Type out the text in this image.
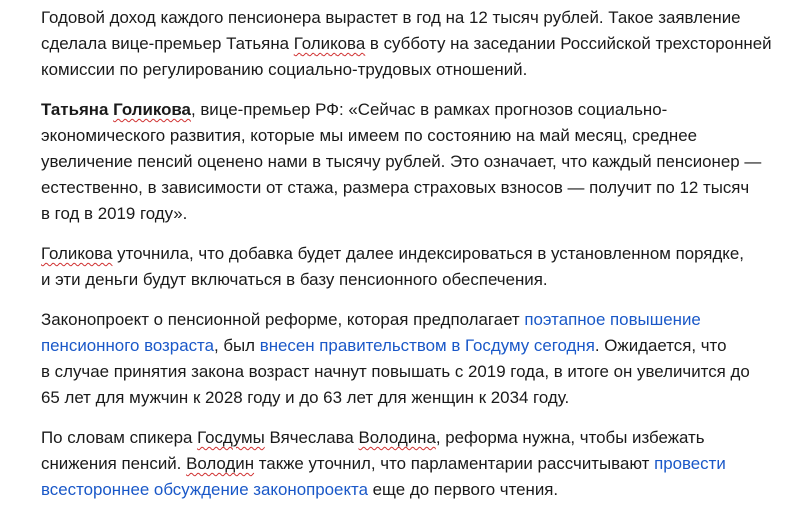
Годовой доход каждого пенсионера вырастет в год на 12 тысяч рублей. Такое заявление
сделала вице-премьер Татьяна Голикова в субботу на заседании Российской трехсторонней
комиссии по регулированию социально-трудовых отношений.

Татьяна Голикова, вице-премьер РФ: «Сейчас в рамках прогнозов социально-
экономического развития, которые мы имеем по состоянию на май месяц, среднее
увеличение пенсий оценено нами в тысячу рублей. Это означает, что каждый пенсионер —
естественно, в зависимости от стажа, размера страховых взносов — получит по 12 тысяч
в год в 2019 году».

Голикова уточнила, что добавка будет далее индексироваться в установленном порядке,
и эти деньги будут включаться в базу пенсионного обеспечения.

Законопроект о пенсионной реформе, которая предполагает поэтапное повышение
пенсионного возраста, был внесен правительством в Госдуму сегодня. Ожидается, что
в случае принятия закона возраст начнут повышать с 2019 года, в итоге он увеличится до
65 лет для мужчин к 2028 году и до 63 лет для женщин к 2034 году.

По словам спикера Госдумы Вячеслава Володина, реформа нужна, чтобы избежать
снижения пенсий. Володин также уточнил, что парламентарии рассчитывают провести
всестороннее обсуждение законопроекта еще до первого чтения.
